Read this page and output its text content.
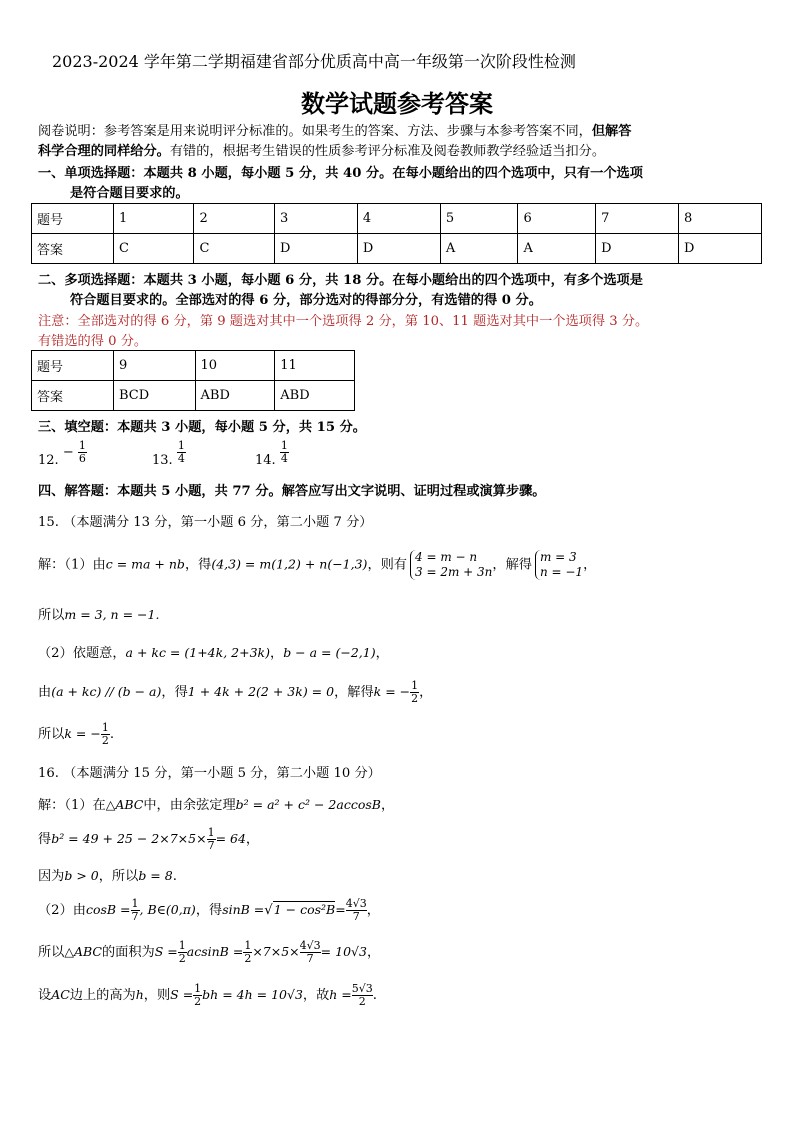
2023-2024 学年第二学期福建省部分优质高中高一年级第一次阶段性检测
数学试题参考答案
阅卷说明：参考答案是用来说明评分标准的。如果考生的答案、方法、步骤与本参考答案不同，但解答
科学合理的同样给分。有错的，根据考生错误的性质参考评分标准及阅卷教师教学经验适当扣分。
一、单项选择题：本题共 8 小题，每小题 5 分，共 40 分。在每小题给出的四个选项中，只有一个选项
是符合题目要求的。
题号	1	2	3	4	5	6	7	8
答案	C	C	D	D	A	A	D	D
二、多项选择题：本题共 3 小题，每小题 6 分，共 18 分。在每小题给出的四个选项中，有多个选项是
符合题目要求的。全部选对的得 6 分，部分选对的得部分分，有选错的得 0 分。
注意：全部选对的得 6 分，第 9 题选对其中一个选项得 2 分，第 10、11 题选对其中一个选项得 3 分。
有错选的得 0 分。
题号	9	10	11
答案	BCD	ABD	ABD
三、填空题：本题共 3 小题，每小题 5 分，共 15 分。
12. − $\frac{1}{6}$	13. $\frac{1}{4}$	14. $\frac{1}{4}$
四、解答题：本题共 5 小题，共 77 分。解答应写出文字说明、证明过程或演算步骤。
15. （本题满分 13 分，第一小题 6 分，第二小题 7 分）
解：（1）由c = ma + nb，得(4,3) = m(1,2) + n(−1,3)，则有
4 = m − n
3 = 2m + 3n ，解得
m = 3
n = −1 ，
所以m = 3, n = −1.
（2）依题意，a + kc = (1+4k, 2+3k)，b − a = (−2,1)，
由(a + kc) // (b − a)，得1 + 4k + 2(2 + 3k) = 0，解得k = − $\frac{1}{2}$ ，
所以k = − $\frac{1}{2}$ .
16. （本题满分 15 分，第一小题 5 分，第二小题 10 分）
解：（1）在△ABC中，由余弦定理b² = a² + c² − 2accosB，
得$b^2 = 49 + 25 - 2\times 7\times 5\times \frac{1}{7} = 64$，
因为b > 0，所以b = 8.
（2）由$\cos B = \frac{1}{7}$ , B∈(0,π)，得$\sin B =√1 - \cos^2B= \frac{4√3}{7}$ ，
所以△ABC的面积为$S = \frac{1}{2}$ $acsinB = \frac{1}{2} \times 7\times 5\times \frac{4√3}{7} = 10√3$，
设AC边上的高为h，则$S = \frac{1}{2}$ bh = 4h = 10√3，故$h = \frac{5√3}{2}$ .
